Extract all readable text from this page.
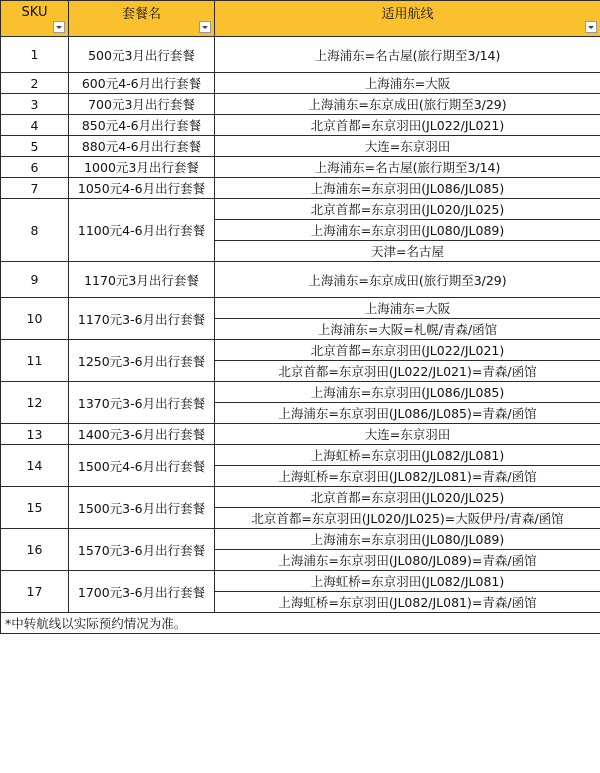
SKU	套餐名	适用航线

1	500元3月出行套餐	上海浦东=名古屋(旅行期至3/14)
2	600元4-6月出行套餐	上海浦东=大阪
3	700元3月出行套餐	上海浦东=东京成田(旅行期至3/29)
4	850元4-6月出行套餐	北京首都=东京羽田(JL022/JL021)
5	880元4-6月出行套餐	大连=东京羽田
6	1000元3月出行套餐	上海浦东=名古屋(旅行期至3/14)
7	1050元4-6月出行套餐	上海浦东=东京羽田(JL086/JL085)
8	1100元4-6月出行套餐	北京首都=东京羽田(JL020/JL025)
		上海浦东=东京羽田(JL080/JL089)
		天津=名古屋
9	1170元3月出行套餐	上海浦东=东京成田(旅行期至3/29)
10	1170元3-6月出行套餐	上海浦东=大阪
		上海浦东=大阪=札幌/青森/函馆
11	1250元3-6月出行套餐	北京首都=东京羽田(JL022/JL021)
		北京首都=东京羽田(JL022/JL021)=青森/函馆
12	1370元3-6月出行套餐	上海浦东=东京羽田(JL086/JL085)
		上海浦东=东京羽田(JL086/JL085)=青森/函馆
13	1400元3-6月出行套餐	大连=东京羽田
14	1500元4-6月出行套餐	上海虹桥=东京羽田(JL082/JL081)
		上海虹桥=东京羽田(JL082/JL081)=青森/函馆
15	1500元3-6月出行套餐	北京首都=东京羽田(JL020/JL025)
		北京首都=东京羽田(JL020/JL025)=大阪伊丹/青森/函馆
16	1570元3-6月出行套餐	上海浦东=东京羽田(JL080/JL089)
		上海浦东=东京羽田(JL080/JL089)=青森/函馆
17	1700元3-6月出行套餐	上海虹桥=东京羽田(JL082/JL081)
		上海虹桥=东京羽田(JL082/JL081)=青森/函馆
*中转航线以实际预约情况为准。		
